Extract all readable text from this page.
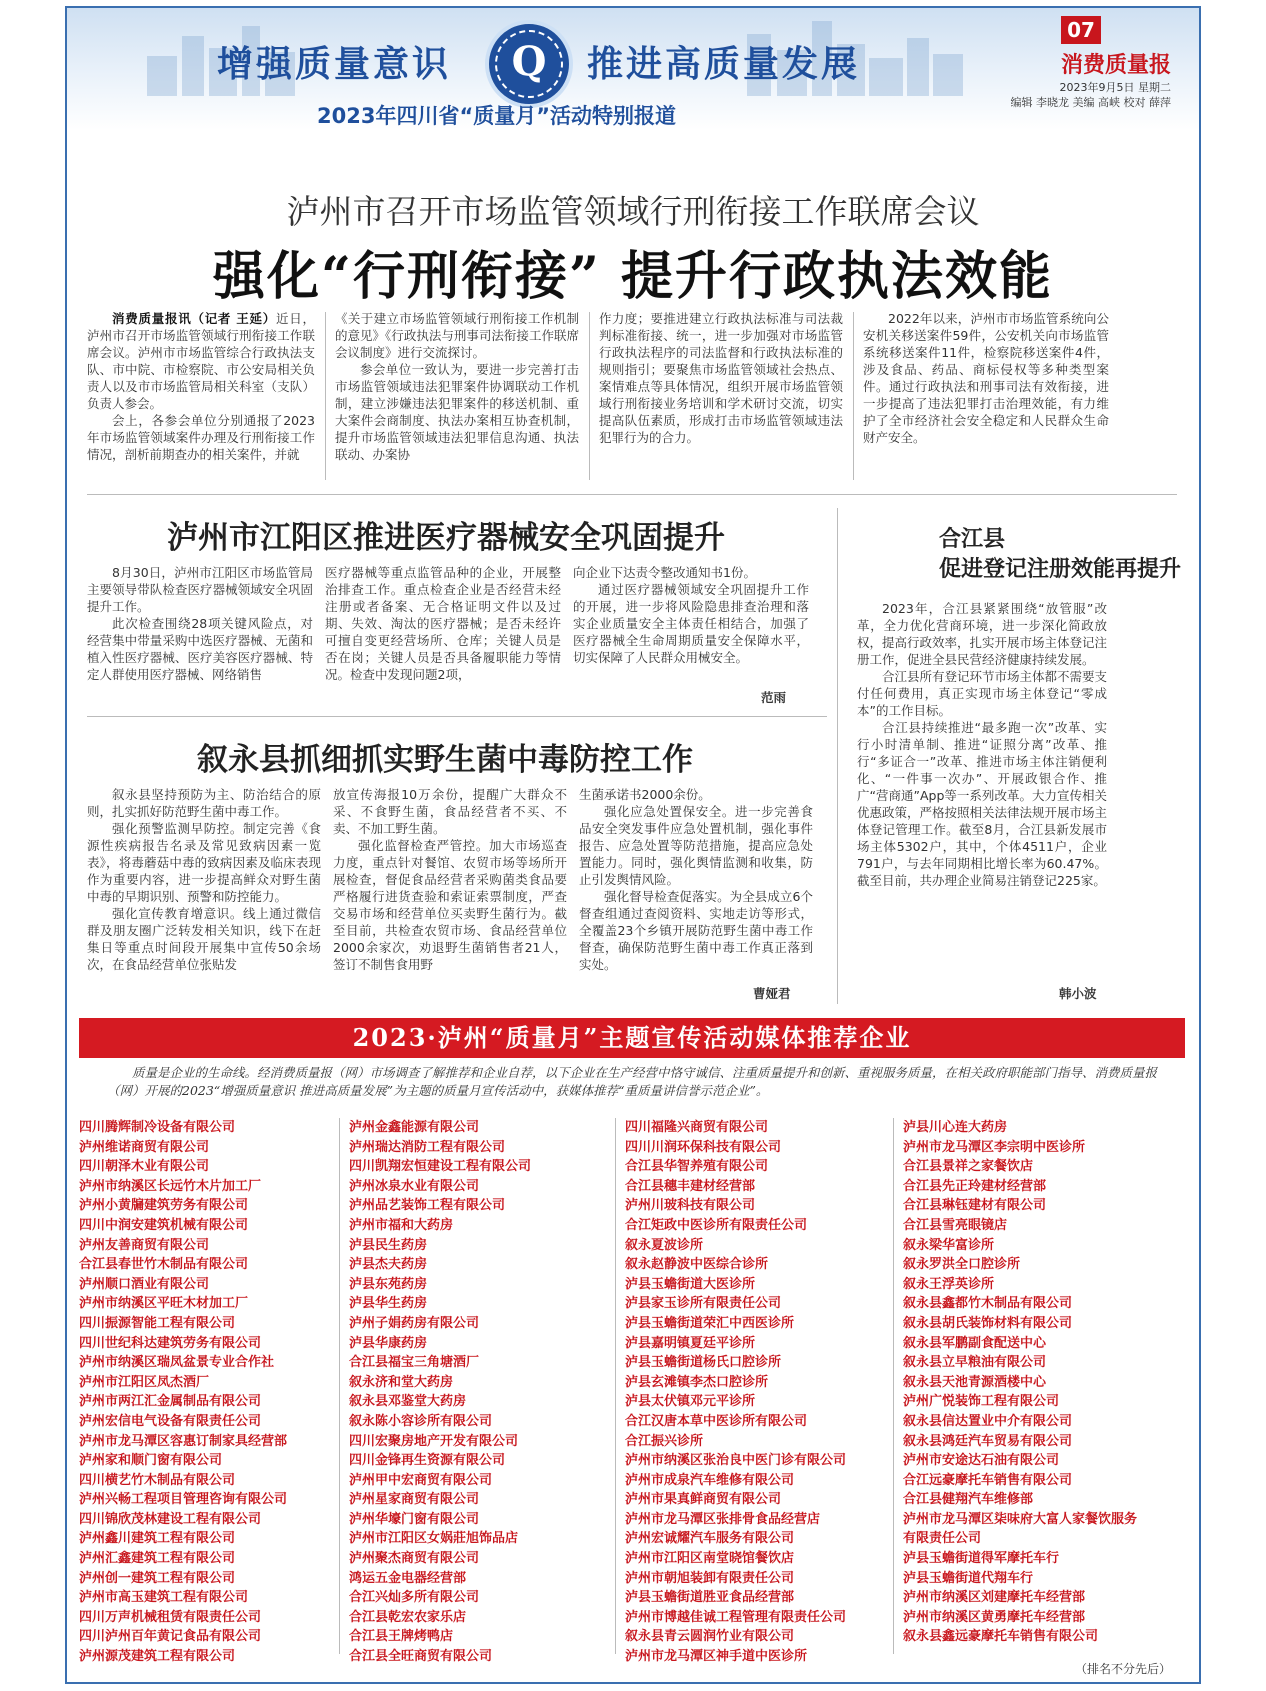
增强质量意识	Q	推进高质量发展
2023年四川省“质量月”活动特别报道
07
消费质量报
2023年9月5日 星期二
编辑 李晓龙 美编 高峡 校对 薛萍
泸州市召开市场监管领域行刑衔接工作联席会议
强化“行刑衔接” 提升行政执法效能

消费质量报讯（记者 王延）近日，泸州市召开市场监管领域行刑衔接工作联席会议。泸州市市场监管综合行政执法支队、市中院、市检察院、市公安局相关负责人以及市市场监管局相关科室（支队）负责人参会。

会上，各参会单位分别通报了2023年市场监管领域案件办理及行刑衔接工作情况，剖析前期查办的相关案件，并就

《关于建立市场监管领域行刑衔接工作机制的意见》《行政执法与刑事司法衔接工作联席会议制度》进行交流探讨。

参会单位一致认为，要进一步完善打击市场监管领域违法犯罪案件协调联动工作机制，建立涉嫌违法犯罪案件的移送机制、重大案件会商制度、执法办案相互协查机制，提升市场监管领域违法犯罪信息沟通、执法联动、办案协

作力度；要推进建立行政执法标准与司法裁判标准衔接、统一，进一步加强对市场监管行政执法程序的司法监督和行政执法标准的规则指引；要聚焦市场监管领域社会热点、案情难点等具体情况，组织开展市场监管领域行刑衔接业务培训和学术研讨交流，切实提高队伍素质，形成打击市场监管领域违法犯罪行为的合力。

2022年以来，泸州市市场监管系统向公安机关移送案件59件，公安机关向市场监管系统移送案件11件，检察院移送案件4件，涉及食品、药品、商标侵权等多种类型案件。通过行政执法和刑事司法有效衔接，进一步提高了违法犯罪打击治理效能，有力维护了全市经济社会安全稳定和人民群众生命财产安全。

泸州市江阳区推进医疗器械安全巩固提升

8月30日，泸州市江阳区市场监管局主要领导带队检查医疗器械领域安全巩固提升工作。

此次检查围绕28项关键风险点，对经营集中带量采购中选医疗器械、无菌和植入性医疗器械、医疗美容医疗器械、特定人群使用医疗器械、网络销售

医疗器械等重点监管品种的企业，开展整治排查工作。重点检查企业是否经营未经注册或者备案、无合格证明文件以及过期、失效、淘汰的医疗器械；是否未经许可擅自变更经营场所、仓库；关键人员是否在岗；关键人员是否具备履职能力等情况。检查中发现问题2项，

向企业下达责令整改通知书1份。

通过医疗器械领域安全巩固提升工作的开展，进一步将风险隐患排查治理和落实企业质量安全主体责任相结合，加强了医疗器械全生命周期质量安全保障水平，切实保障了人民群众用械安全。

范雨
叙永县抓细抓实野生菌中毒防控工作

叙永县坚持预防为主、防治结合的原则，扎实抓好防范野生菌中毒工作。

强化预警监测早防控。制定完善《食源性疾病报告名录及常见致病因素一览表》，将毒蘑菇中毒的致病因素及临床表现作为重要内容，进一步提高鲜众对野生菌中毒的早期识别、预警和防控能力。

强化宣传教育增意识。线上通过微信群及朋友圈广泛转发相关知识，线下在赶集日等重点时间段开展集中宣传50余场次，在食品经营单位张贴发

放宣传海报10万余份，提醒广大群众不采、不食野生菌，食品经营者不买、不卖、不加工野生菌。

强化监督检查严管控。加大市场巡查力度，重点针对餐馆、农贸市场等场所开展检查，督促食品经营者采购菌类食品要严格履行进货查验和索证索票制度，严查交易市场和经营单位买卖野生菌行为。截至目前，共检查农贸市场、食品经营单位2000余家次，劝退野生菌销售者21人，签订不制售食用野

生菌承诺书2000余份。

强化应急处置保安全。进一步完善食品安全突发事件应急处置机制，强化事件报告、应急处置等防范措施，提高应急处置能力。同时，强化舆情监测和收集，防止引发舆情风险。

强化督导检查促落实。为全县成立6个督查组通过查阅资料、实地走访等形式，全覆盖23个乡镇开展防范野生菌中毒工作督查，确保防范野生菌中毒工作真正落到实处。

曹娅君
合江县
促进登记注册效能再提升

2023年，合江县紧紧围绕“放管服”改革，全力优化营商环境，进一步深化简政放权，提高行政效率，扎实开展市场主体登记注册工作，促进全县民营经济健康持续发展。

合江县所有登记环节市场主体都不需要支付任何费用，真正实现市场主体登记“零成本”的工作目标。

合江县持续推进“最多跑一次”改革、实行小时清单制、推进“证照分离”改革、推行“多证合一”改革、推进市场主体注销便利化、“一件事一次办”、开展政银合作、推广“营商通”App等一系列改革。大力宣传相关优惠政策，严格按照相关法律法规开展市场主体登记管理工作。截至8月，合江县新发展市场主体5302户，其中，个体4511户，企业791户，与去年同期相比增长率为60.47%。截至目前，共办理企业简易注销登记225家。

韩小波
2023·泸州“质量月”主题宣传活动媒体推荐企业

质量是企业的生命线。经消费质量报（网）市场调查了解推荐和企业自荐，以下企业在生产经营中恪守诚信、注重质量提升和创新、重视服务质量，在相关政府职能部门指导、消费质量报（网）开展的2023“增强质量意识 推进高质量发展”为主题的质量月宣传活动中，获媒体推荐“重质量讲信誉示范企业”。

四川腾辉制冷设备有限公司
泸州维诺商贸有限公司
四川朝泽木业有限公司
泸州市纳溪区长远竹木片加工厂
泸州小黄牖建筑劳务有限公司
四川中润安建筑机械有限公司
泸州友善商贸有限公司
合江县春世竹木制品有限公司
泸州顺口酒业有限公司
泸州市纳溪区平旺木材加工厂
四川振源智能工程有限公司
四川世纪科达建筑劳务有限公司
泸州市纳溪区瑞凤盆景专业合作社
泸州市江阳区凤杰酒厂
泸州市两江汇金属制品有限公司
泸州宏信电气设备有限责任公司
泸州市龙马潭区容惠订制家具经营部
泸州家和顺门窗有限公司
四川横艺竹木制品有限公司
泸州兴畅工程项目管理咨询有限公司
四川锦欣茂林建设工程有限公司
泸州鑫川建筑工程有限公司
泸州汇鑫建筑工程有限公司
泸州创一建筑工程有限公司
泸州市高玉建筑工程有限公司
四川万声机械租赁有限责任公司
四川泸州百年黄记食品有限公司
泸州源茂建筑工程有限公司
泸州金鑫能源有限公司
泸州瑞达消防工程有限公司
四川凯翔宏恒建设工程有限公司
泸州冰泉水业有限公司
泸州品艺装饰工程有限公司
泸州市福和大药房
泸县民生药房
泸县杰夫药房
泸县东苑药房
泸县华生药房
泸州子娟药房有限公司
泸县华康药房
合江县福宝三角塘酒厂
叙永济和堂大药房
叙永县邓鉴堂大药房
叙永陈小容诊所有限公司
四川宏聚房地产开发有限公司
四川金锋再生资源有限公司
泸州甲中宏商贸有限公司
泸州星家商贸有限公司
泸州华壕门窗有限公司
泸州市江阳区女娲莊旭饰品店
泸州聚杰商贸有限公司
鸿运五金电器经营部
合江兴灿多所有限公司
合江县乾宏农家乐店
合江县王牌烤鸭店
合江县全旺商贸有限公司
四川福隆兴商贸有限公司
四川川润环保科技有限公司
合江县华智养殖有限公司
合江县穗丰建材经营部
泸州川玻科技有限公司
合江矩政中医诊所有限责任公司
叙永夏波诊所
叙永赵静波中医综合诊所
泸县玉蟾街道大医诊所
泸县家玉诊所有限责任公司
泸县玉蟾街道荣汇中西医诊所
泸县嘉明镇夏廷平诊所
泸县玉蟾街道杨氏口腔诊所
泸县玄滩镇李杰口腔诊所
泸县太伏镇邓元平诊所
合江汉唐本草中医诊所有限公司
合江振兴诊所
泸州市纳溪区张治良中医门诊有限公司
泸州市成泉汽车维修有限公司
泸州市果真鲜商贸有限公司
泸州市龙马潭区张排骨食品经营店
泸州宏诚耀汽车服务有限公司
泸州市江阳区南堂晓馆餐饮店
泸州市朝旭装卸有限责任公司
泸县玉蟾街道胜亚食品经营部
泸州市博越佳诚工程管理有限责任公司
叙永县青云圆润竹业有限公司
泸州市龙马潭区神手道中医诊所
泸县川心连大药房
泸州市龙马潭区李宗明中医诊所
合江县景祥之家餐饮店
合江县先正玲建材经营部
合江县琳钰建材有限公司
合江县雪亮眼镜店
叙永梁华富诊所
叙永罗洪全口腔诊所
叙永王浮英诊所
叙永县鑫都竹木制品有限公司
叙永县胡氏装饰材料有限公司
叙永县军鹏副食配送中心
叙永县立早粮油有限公司
叙永县天池青源酒楼中心
泸州广悦装饰工程有限公司
叙永县信达置业中介有限公司
叙永县鸿廷汽车贸易有限公司
泸州市安途达石油有限公司
合江远豪摩托车销售有限公司
合江县健翔汽车维修部
泸州市龙马潭区柒味府大富人家餐饮服务
有限责任公司
泸县玉蟾街道得军摩托车行
泸县玉蟾街道代翔车行
泸州市纳溪区刘建摩托车经营部
泸州市纳溪区黄勇摩托车经营部
叙永县鑫远豪摩托车销售有限公司
（排名不分先后）
